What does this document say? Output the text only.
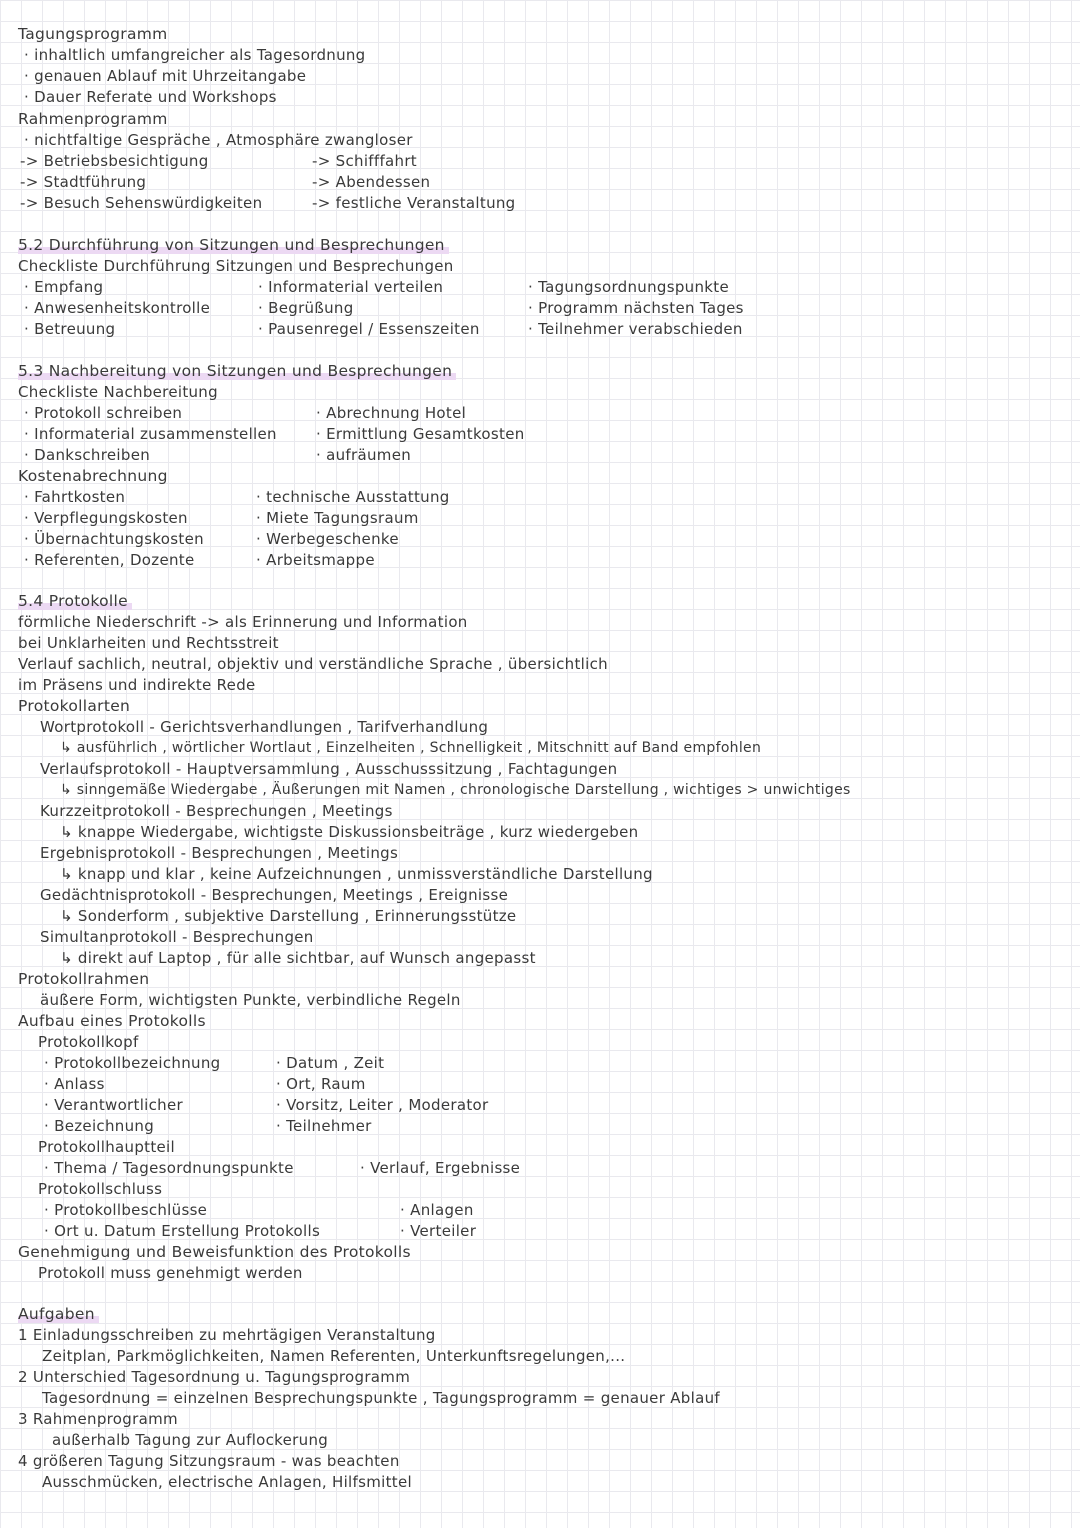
Tagungsprogramm
· inhaltlich umfangreicher als Tagesordnung
· genauen Ablauf mit Uhrzeitangabe
· Dauer Referate und Workshops
Rahmenprogramm
· nichtfaltige Gespräche , Atmosphäre zwangloser
-> Betriebsbesichtigung
-> Stadtführung
-> Besuch Sehenswürdigkeiten
-> Schifffahrt
-> Abendessen
-> festliche Veranstaltung
5.2 Durchführung von Sitzungen und Besprechungen
Checkliste Durchführung Sitzungen und Besprechungen
· Empfang
· Anwesenheitskontrolle
· Betreuung
· Informaterial verteilen
· Begrüßung
· Pausenregel / Essenszeiten
· Tagungsordnungspunkte
· Programm nächsten Tages
· Teilnehmer verabschieden
5.3 Nachbereitung von Sitzungen und Besprechungen
Checkliste Nachbereitung
· Protokoll schreiben
· Informaterial zusammenstellen
· Dankschreiben
· Abrechnung Hotel
· Ermittlung Gesamtkosten
· aufräumen
Kostenabrechnung
· Fahrtkosten
· Verpflegungskosten
· Übernachtungskosten
· Referenten, Dozente
· technische Ausstattung
· Miete Tagungsraum
· Werbegeschenke
· Arbeitsmappe
5.4 Protokolle
förmliche Niederschrift -> als Erinnerung und Information
bei Unklarheiten und Rechtsstreit
Verlauf sachlich, neutral, objektiv und verständliche Sprache , übersichtlich
im Präsens und indirekte Rede
Protokollarten
Wortprotokoll - Gerichtsverhandlungen , Tarifverhandlung
↳ ausführlich , wörtlicher Wortlaut , Einzelheiten , Schnelligkeit , Mitschnitt auf Band empfohlen
Verlaufsprotokoll - Hauptversammlung , Ausschusssitzung , Fachtagungen
↳ sinngemäße Wiedergabe , Äußerungen mit Namen , chronologische Darstellung , wichtiges > unwichtiges
Kurzzeitprotokoll - Besprechungen , Meetings
↳ knappe Wiedergabe, wichtigste Diskussionsbeiträge , kurz wiedergeben
Ergebnisprotokoll - Besprechungen , Meetings
↳ knapp und klar , keine Aufzeichnungen , unmissverständliche Darstellung
Gedächtnisprotokoll - Besprechungen, Meetings , Ereignisse
↳ Sonderform , subjektive Darstellung , Erinnerungsstütze
Simultanprotokoll - Besprechungen
↳ direkt auf Laptop , für alle sichtbar, auf Wunsch angepasst
Protokollrahmen
äußere Form, wichtigsten Punkte, verbindliche Regeln
Aufbau eines Protokolls
Protokollkopf
· Protokollbezeichnung
· Anlass
· Verantwortlicher
· Bezeichnung
· Datum , Zeit
· Ort, Raum
· Vorsitz, Leiter , Moderator
· Teilnehmer
Protokollhauptteil
· Thema / Tagesordnungspunkte	· Verlauf, Ergebnisse
Protokollschluss
· Protokollbeschlüsse
· Ort u. Datum Erstellung Protokolls
· Anlagen
· Verteiler
Genehmigung und Beweisfunktion des Protokolls
Protokoll muss genehmigt werden
Aufgaben
1 Einladungsschreiben zu mehrtägigen Veranstaltung
Zeitplan, Parkmöglichkeiten, Namen Referenten, Unterkunftsregelungen,...
2 Unterschied Tagesordnung u. Tagungsprogramm
Tagesordnung = einzelnen Besprechungspunkte , Tagungsprogramm = genauer Ablauf
3 Rahmenprogramm
außerhalb Tagung zur Auflockerung
4 größeren Tagung Sitzungsraum - was beachten
Ausschmücken, electrische Anlagen, Hilfsmittel
